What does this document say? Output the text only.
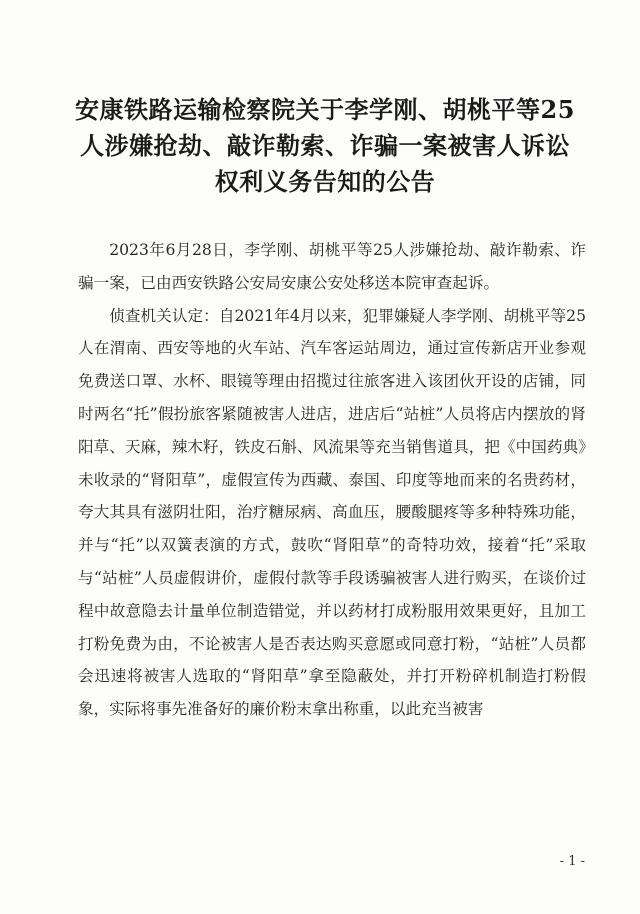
安康铁路运输检察院关于李学刚、胡桃平等25人涉嫌抢劫、敲诈勒索、诈骗一案被害人诉讼权利义务告知的公告

2023年6月28日，李学刚、胡桃平等25人涉嫌抢劫、敲诈勒索、诈骗一案，已由西安铁路公安局安康公安处移送本院审查起诉。

侦查机关认定：自2021年4月以来，犯罪嫌疑人李学刚、胡桃平等25人在渭南、西安等地的火车站、汽车客运站周边，通过宣传新店开业参观免费送口罩、水杯、眼镜等理由招揽过往旅客进入该团伙开设的店铺，同时两名“托”假扮旅客紧随被害人进店，进店后“站桩”人员将店内摆放的肾阳草、天麻，辣木籽，铁皮石斛、风流果等充当销售道具，把《中国药典》未收录的“肾阳草”，虚假宣传为西藏、泰国、印度等地而来的名贵药材，夸大其具有滋阴壮阳，治疗糖尿病、高血压，腰酸腿疼等多种特殊功能，并与“托”以双簧表演的方式，鼓吹“肾阳草”的奇特功效，接着“托”采取与“站桩”人员虚假讲价，虚假付款等手段诱骗被害人进行购买，在谈价过程中故意隐去计量单位制造错觉，并以药材打成粉服用效果更好，且加工打粉免费为由，不论被害人是否表达购买意愿或同意打粉，“站桩”人员都会迅速将被害人选取的“肾阳草”拿至隐蔽处，并打开粉碎机制造打粉假象，实际将事先准备好的廉价粉末拿出称重，以此充当被害

- 1 -
